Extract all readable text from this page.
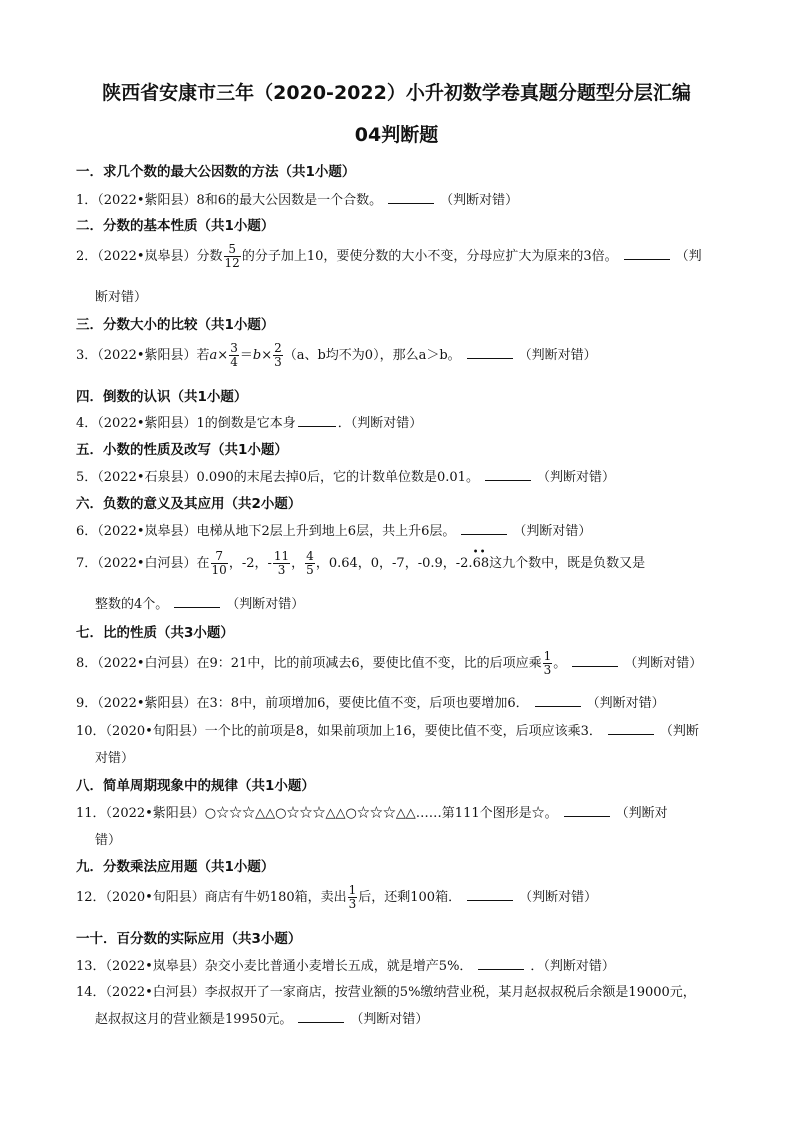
陕西省安康市三年（2020-2022）小升初数学卷真题分题型分层汇编
04判断题
一．求几个数的最大公因数的方法（共1小题）
1．（2022•紫阳县）8和6的最大公因数是一个合数。	（判断对错）
二．分数的基本性质（共1小题）
2．（2022•岚皋县）分数 $\frac{5}{12}$ 的分子加上10，要使分数的大小不变，分母应扩大为原来的3倍。	（判
断对错）
三．分数大小的比较（共1小题）
3．（2022•紫阳县）若$a\times \frac{3}{4} =b\times \frac{2}{3} (a$、b均不为0），那么a＞b。	（判断对错）
四．倒数的认识（共1小题）
4．（2022•紫阳县）1的倒数是它本身	．（判断对错）
五．小数的性质及改写（共1小题）
5．（2022•石泉县）0.090的末尾去掉0后，它的计数单位数是0.01。	（判断对错）
六．负数的意义及其应用（共2小题）
6．（2022•岚皋县）电梯从地下2层上升到地上6层，共上升6层。	（判断对错）
7．（2022•白河县）在 $\frac{7}{10}$ ，-2，- $\frac{11}{3}$ ， $\frac{4}{5}$ ，0.64，0，-7，-0.9，-2.
• •
68这九个数中，既是负数又是
整数的4个。	（判断对错）
七．比的性质（共3小题）
8．（2022•白河县）在9：21中，比的前项减去6，要使比值不变，比的后项应乘 $\frac{1}{3}$ 。	（判断对错）
9．（2022•紫阳县）在3：8中，前项增加6，要使比值不变，后项也要增加6．	（判断对错）
10．（2020•旬阳县）一个比的前项是8，如果前项加上16，要使比值不变，后项应该乘3．	（判断
对错）
八．简单周期现象中的规律（共1小题）
11．（2022•紫阳县）○☆☆☆△△○☆☆☆△△○☆☆☆△△……第111个图形是☆。	（判断对
错）
九．分数乘法应用题（共1小题）
12．（2020•旬阳县）商店有牛奶180箱，卖出 $\frac{1}{3}$ 后，还剩100箱．	（判断对错）
一十．百分数的实际应用（共3小题）
13．（2022•岚皋县）杂交小麦比普通小麦增长五成，就是增产5%．	．（判断对错）
14．（2022•白河县）李叔叔开了一家商店，按营业额的5%缴纳营业税，某月赵叔叔税后余额是19000元，
赵叔叔这月的营业额是19950元。	（判断对错）
